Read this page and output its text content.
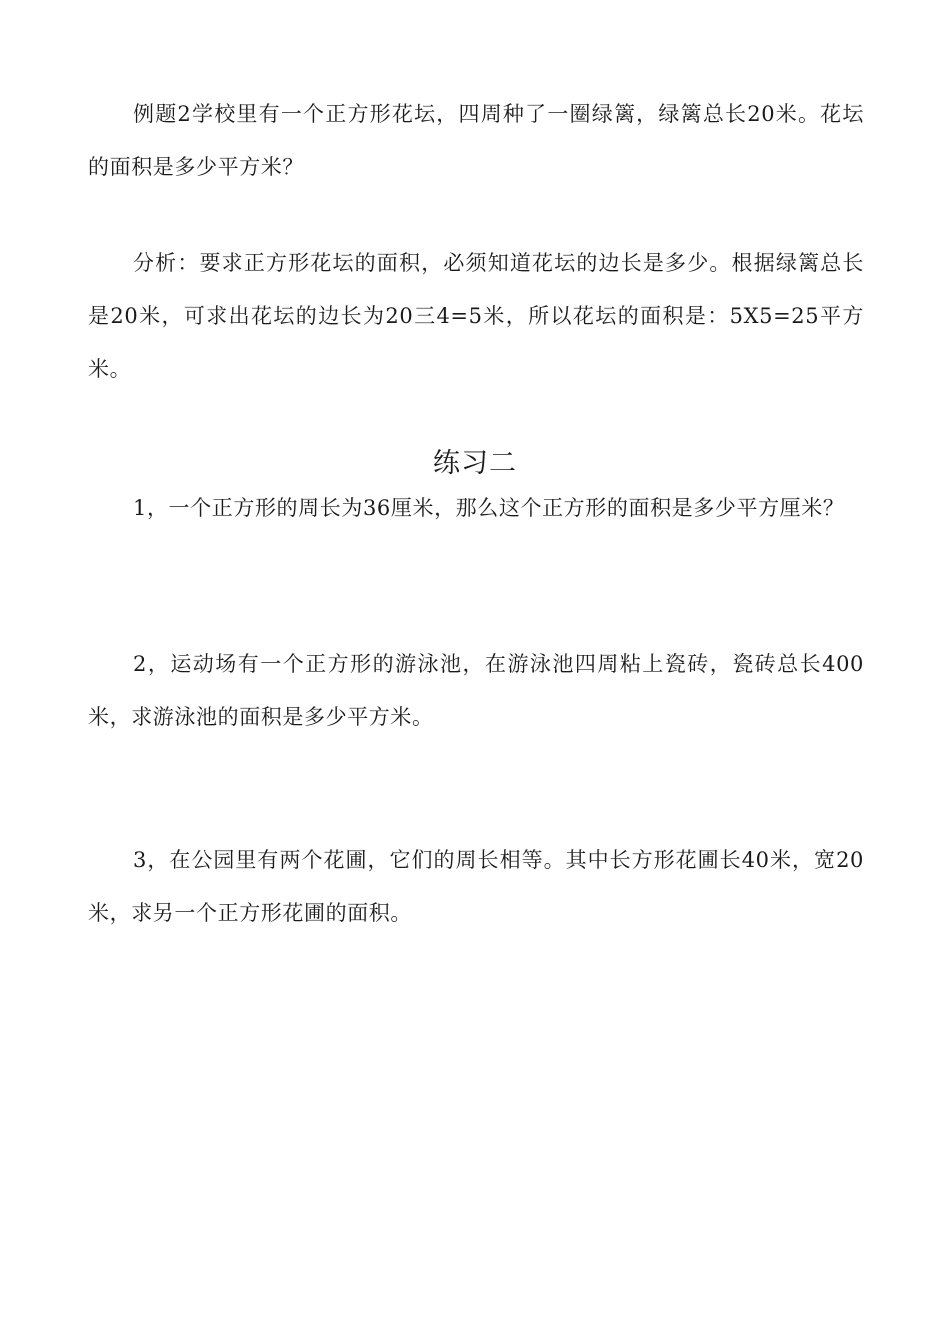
例题2学校里有一个正方形花坛，四周种了一圈绿篱，绿篱总长20米。花坛的面积是多少平方米？

分析：要求正方形花坛的面积，必须知道花坛的边长是多少。根据绿篱总长是20米，可求出花坛的边长为20三4=5米，所以花坛的面积是：5X5=25平方米。

练习二

1，一个正方形的周长为36厘米，那么这个正方形的面积是多少平方厘米？

2，运动场有一个正方形的游泳池，在游泳池四周粘上瓷砖，瓷砖总长400米，求游泳池的面积是多少平方米。

3，在公园里有两个花圃，它们的周长相等。其中长方形花圃长40米，宽20米，求另一个正方形花圃的面积。
